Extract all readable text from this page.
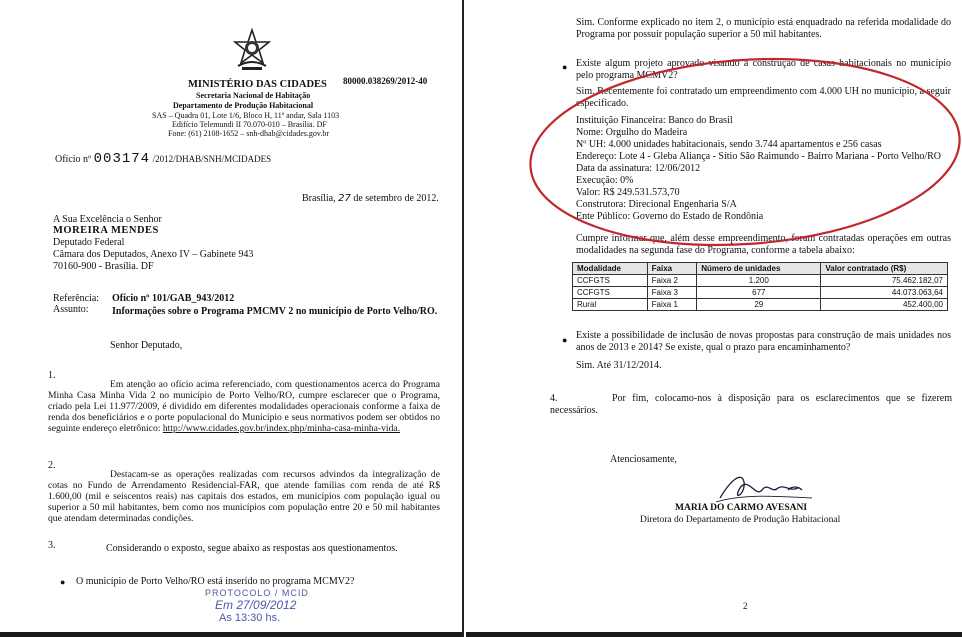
MINISTÉRIO DAS CIDADES
Secretaria Nacional de Habitação
Departamento de Produção Habitacional
SAS – Quadra 01, Lote 1/6, Bloco H, 11º andar, Sala 1103
Edifício Telemundi II 70.070-010 – Brasília. DF
Fone: (61) 2108-1652 – snh-dhab@cidades.gov.br
80000.038269/2012-40
Ofício nº 003174 /2012/DHAB/SNH/MCIDADES
Brasília, 27 de setembro de 2012.
A Sua Excelência o Senhor
MOREIRA MENDES
Deputado Federal
Câmara dos Deputados, Anexo IV – Gabinete 943
70160-900 - Brasília. DF
Referência: Ofício nº 101/GAB_943/2012
Assunto: Informações sobre o Programa PMCMV 2 no município de Porto Velho/RO.
Senhor Deputado,
1.
Em atenção ao ofício acima referenciado, com questionamentos acerca do Programa Minha Casa Minha Vida 2 no município de Porto Velho/RO, cumpre esclarecer que o Programa, criado pela Lei 11.977/2009, é dividido em diferentes modalidades operacionais conforme a faixa de renda dos beneficiários e o porte populacional do Município e seus normativos podem ser obtidos no seguinte endereço eletrônico: http://www.cidades.gov.br/index.php/minha-casa-minha-vida.
2.
Destacam-se as operações realizadas com recursos advindos da integralização de cotas no Fundo de Arrendamento Residencial-FAR, que atende famílias com renda de até R$ 1.600,00 (mil e seiscentos reais) nas capitais dos estados, em municípios com população igual ou superior a 50 mil habitantes, bem como nos municípios com população entre 20 e 50 mil habitantes que atendam determinadas condições.
3.	Considerando o exposto, segue abaixo as respostas aos questionamentos.
● O município de Porto Velho/RO está inserido no programa MCMV2?
PROTOCOLO / MCID
Em 27/09/2012
As 13:30 hs.
Sim. Conforme explicado no item 2, o município está enquadrado na referida modalidade do Programa por possuir população superior a 50 mil habitantes.
● Existe algum projeto aprovado visando à construção de casas habitacionais no município pelo programa MCMV2?
Sim. Recentemente foi contratado um empreendimento com 4.000 UH no município, a seguir especificado.
Instituição Financeira: Banco do Brasil
Nome: Orgulho do Madeira
Nº UH: 4.000 unidades habitacionais, sendo 3.744 apartamentos e 256 casas
Endereço: Lote 4 - Gleba Aliança - Sítio São Raimundo - Bairro Mariana - Porto Velho/RO
Data da assinatura: 12/06/2012
Execução: 0%
Valor: R$ 249.531.573,70
Construtora: Direcional Engenharia S/A
Ente Público: Governo do Estado de Rondônia
Cumpre informar que, além desse empreendimento, foram contratadas operações em outras modalidades na segunda fase do Programa, conforme a tabela abaixo:
Modalidade	Faixa	Número de unidades	Valor contratado (R$)
CCFGTS	Faixa 2	1.200	75.462.182,07
CCFGTS	Faixa 3	677	44.073.063,64
Rural	Faixa 1	29	452.400,00
● Existe a possibilidade de inclusão de novas propostas para construção de mais unidades nos anos de 2013 e 2014? Se existe, qual o prazo para encaminhamento?
Sim. Até 31/12/2014.
4.	Por fim, colocamo-nos à disposição para os esclarecimentos que se fizerem necessários.
Atenciosamente,
MARIA DO CARMO AVESANI
Diretora do Departamento de Produção Habitacional
2
